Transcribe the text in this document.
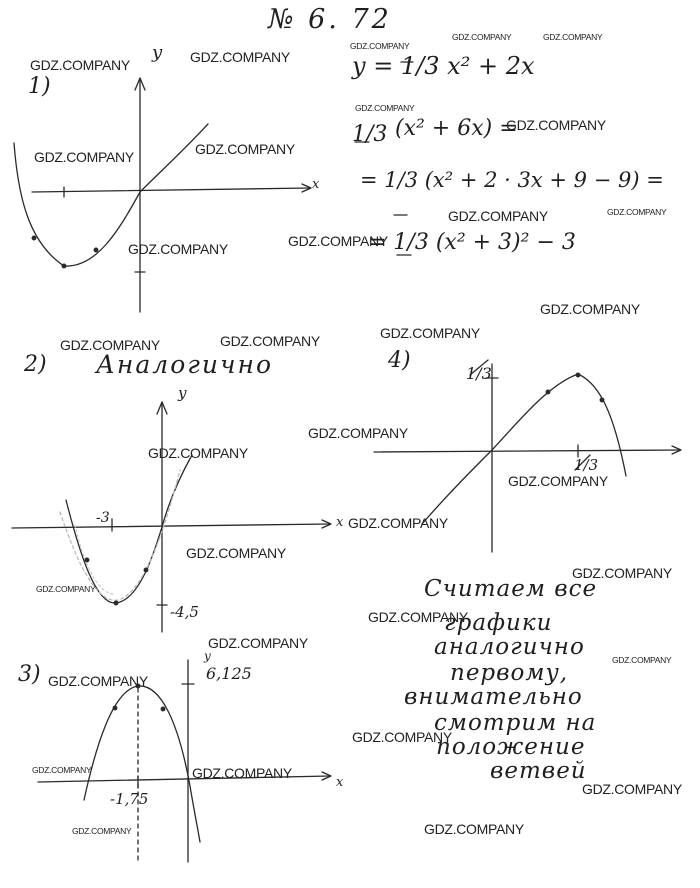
№ 6. 72
1)
y
x
y = 1/3 x² + 2x
1/3 (x² + 6x) =
= 1/3 (x² + 2 · 3x + 9 − 9) =
= 1/3 (x² + 3)² − 3
2) Аналогично
y
x
-3
-4,5
3)
y
x
6,125
-1,75
4)
1/3
1/3
Считаем все
графики
аналогично
первому,
внимательно
смотрим на
положение
ветвей
GDZ.COMPANY	GDZ.COMPANY
GDZ.COMPANY
GDZ.COMPANY	GDZ.COMPANY
GDZ.COMPANY
GDZ.COMPANY
GDZ.COMPANY	GDZ.COMPANY
GDZ.COMPANY	GDZ.COMPANY
GDZ.COMPANY
GDZ.COMPANY
GDZ.COMPANY
GDZ.COMPANY
GDZ.COMPANY	GDZ.COMPANY
GDZ.COMPANY
GDZ.COMPANY
GDZ.COMPANY
GDZ.COMPANY
GDZ.COMPANY
GDZ.COMPANY
GDZ.COMPANY
GDZ.COMPANY
GDZ.COMPANY
GDZ.COMPANY
GDZ.COMPANY
GDZ.COMPANY
GDZ.COMPANY	GDZ.COMPANY
GDZ.COMPANY
GDZ.COMPANY	GDZ.COMPANY
